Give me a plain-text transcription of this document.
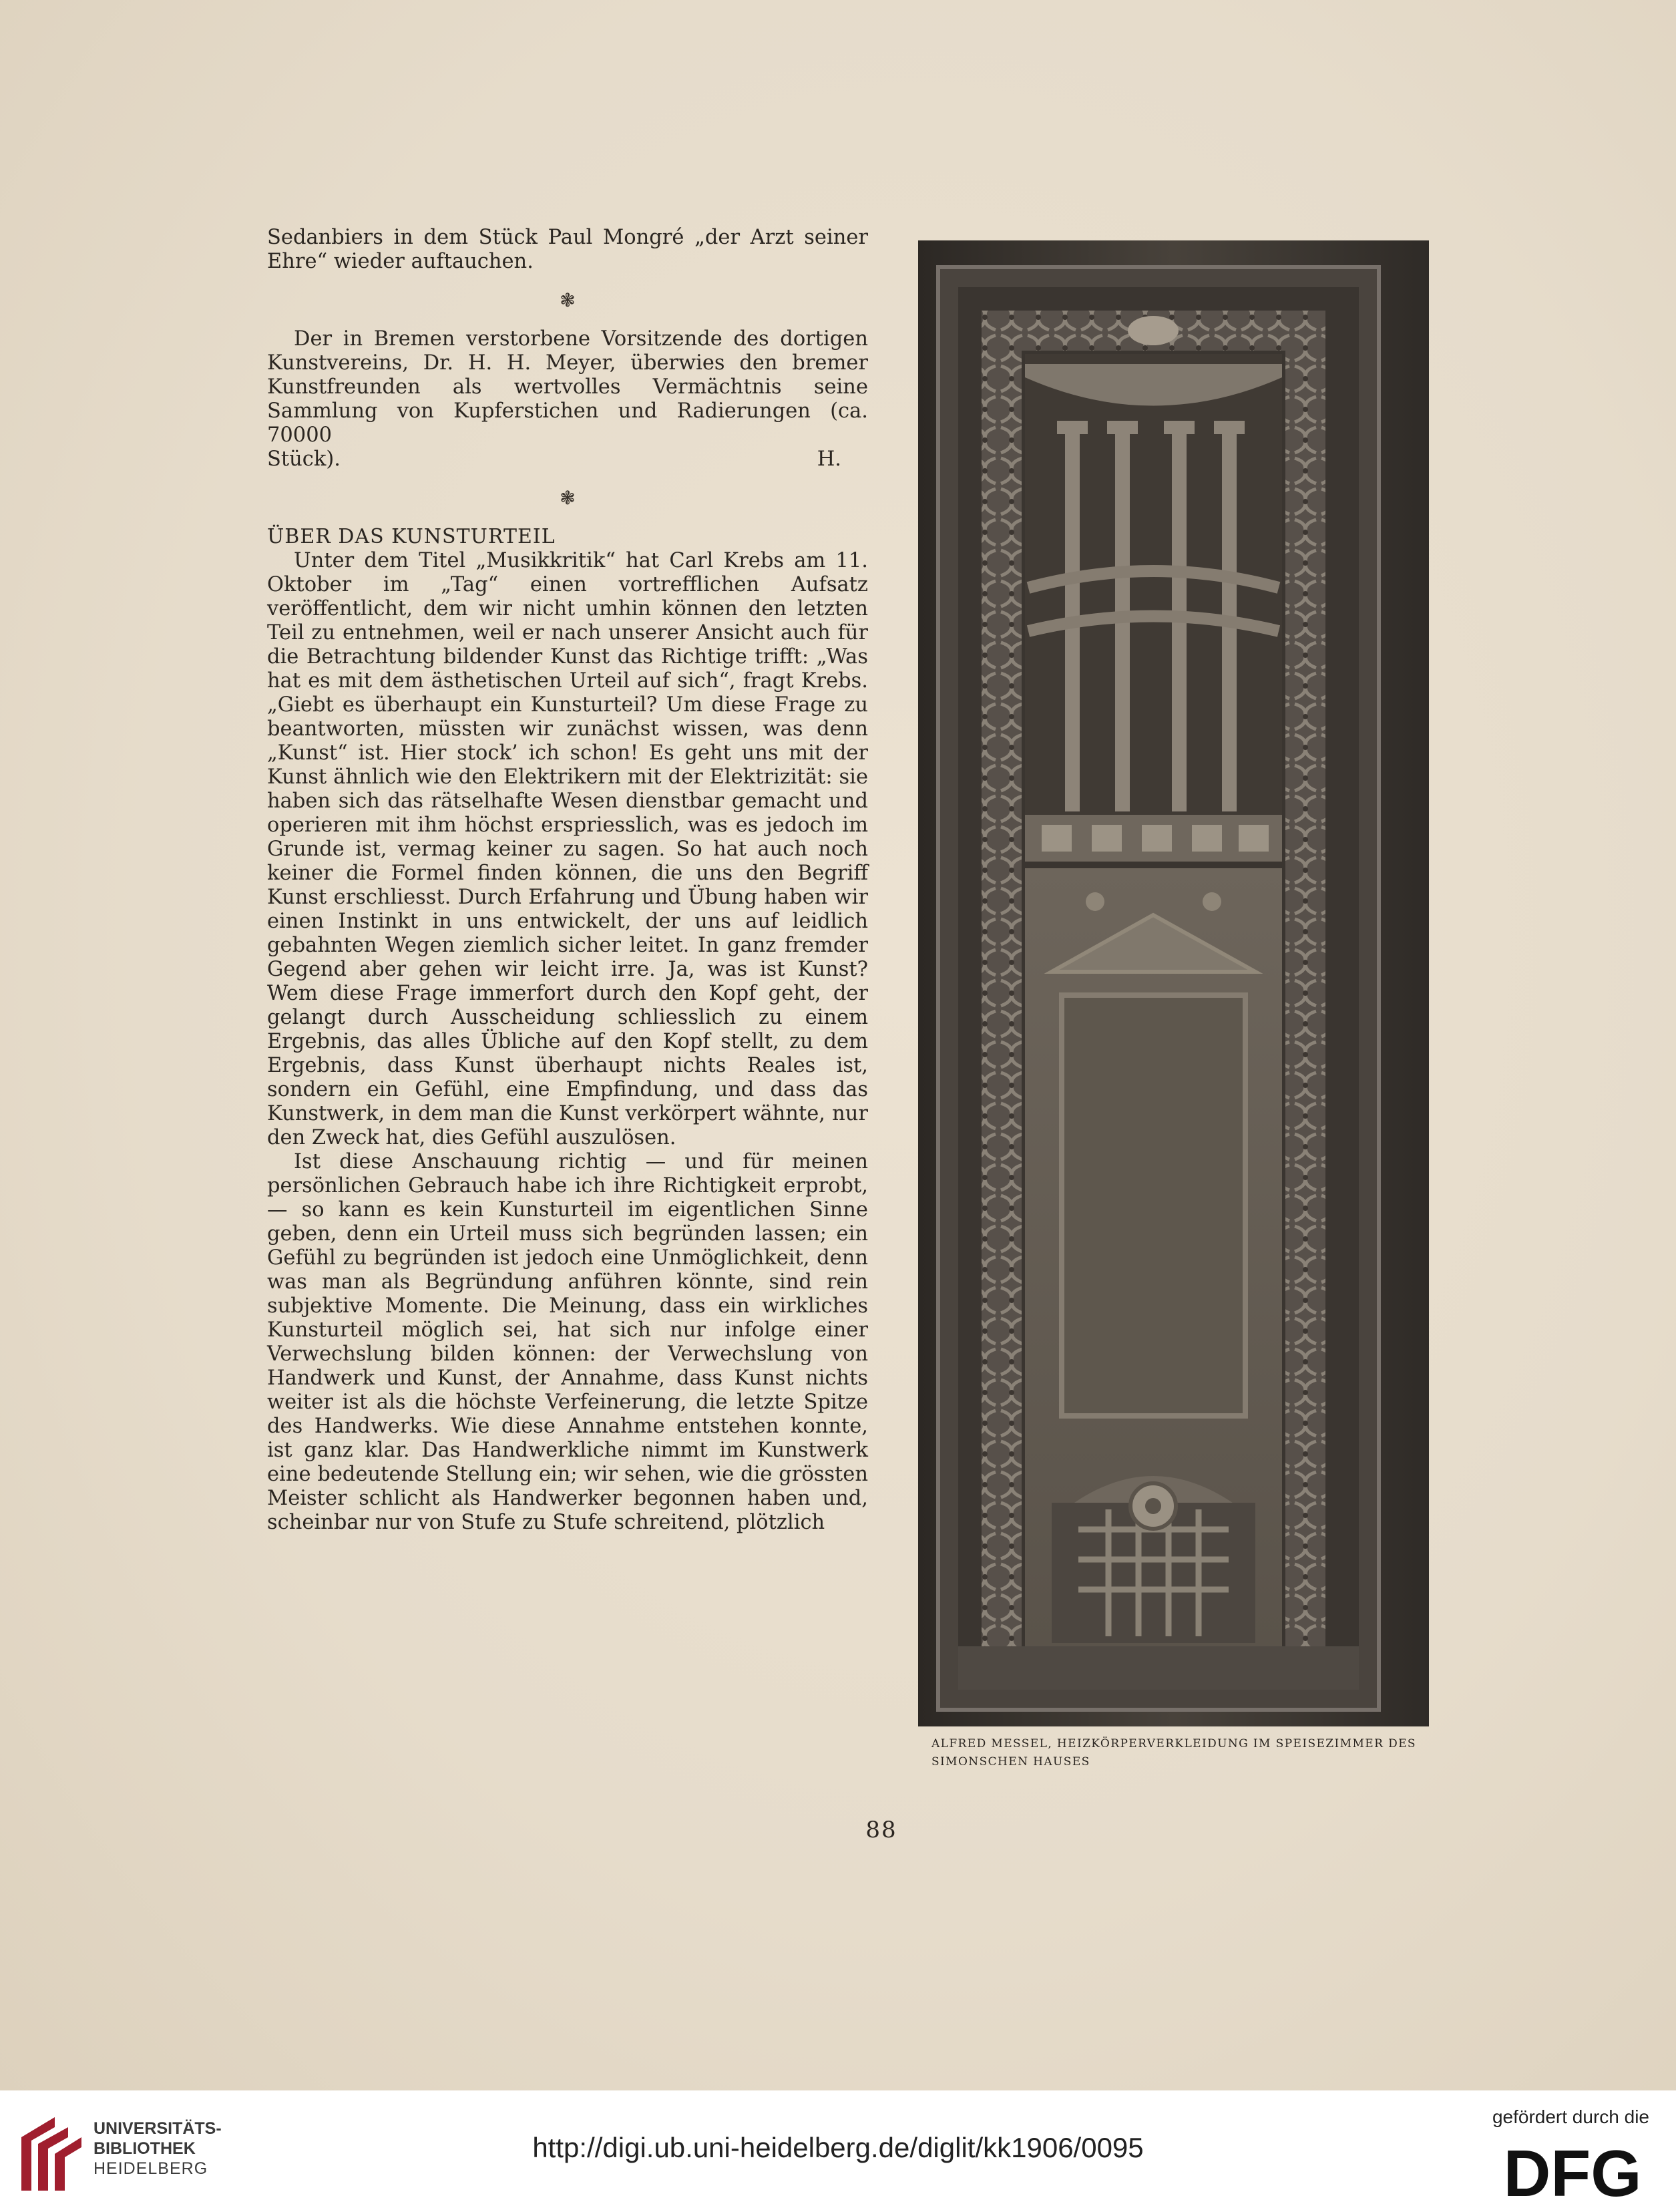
Sedanbiers in dem Stück Paul Mongré „der Arzt seiner Ehre“ wieder auftauchen.

❃

Der in Bremen verstorbene Vorsitzende des dortigen Kunstvereins, Dr. H. H. Meyer, überwies den bremer Kunstfreunden als wertvolles Vermächtnis seine Sammlung von Kupferstichen und Radierungen (ca. 70000

Stück).	H.
❃

ÜBER DAS KUNSTURTEIL

Unter dem Titel „Musikkritik“ hat Carl Krebs am 11. Oktober im „Tag“ einen vortrefflichen Aufsatz veröffentlicht, dem wir nicht umhin können den letzten Teil zu entnehmen, weil er nach unserer Ansicht auch für die Betrachtung bildender Kunst das Richtige trifft: „Was hat es mit dem ästhetischen Urteil auf sich“, fragt Krebs. „Giebt es überhaupt ein Kunsturteil? Um diese Frage zu beantworten, müssten wir zunächst wissen, was denn „Kunst“ ist. Hier stock’ ich schon! Es geht uns mit der Kunst ähnlich wie den Elektrikern mit der Elektrizität: sie haben sich das rätselhafte Wesen dienstbar gemacht und operieren mit ihm höchst erspriesslich, was es jedoch im Grunde ist, vermag keiner zu sagen. So hat auch noch keiner die Formel finden können, die uns den Begriff Kunst erschliesst. Durch Erfahrung und Übung haben wir einen Instinkt in uns entwickelt, der uns auf leidlich gebahnten Wegen ziemlich sicher leitet. In ganz fremder Gegend aber gehen wir leicht irre. Ja, was ist Kunst? Wem diese Frage immerfort durch den Kopf geht, der gelangt durch Ausscheidung schliesslich zu einem Ergebnis, das alles Übliche auf den Kopf stellt, zu dem Ergebnis, dass Kunst überhaupt nichts Reales ist, sondern ein Gefühl, eine Empfindung, und dass das Kunstwerk, in dem man die Kunst verkörpert wähnte, nur den Zweck hat, dies Gefühl auszulösen.

Ist diese Anschauung richtig — und für meinen persönlichen Gebrauch habe ich ihre Richtigkeit erprobt, — so kann es kein Kunsturteil im eigentlichen Sinne geben, denn ein Urteil muss sich begründen lassen; ein Gefühl zu begründen ist jedoch eine Unmöglichkeit, denn was man als Begründung anführen könnte, sind rein subjektive Momente. Die Meinung, dass ein wirkliches Kunsturteil möglich sei, hat sich nur infolge einer Verwechslung bilden können: der Verwechslung von Handwerk und Kunst, der Annahme, dass Kunst nichts weiter ist als die höchste Verfeinerung, die letzte Spitze des Handwerks. Wie diese Annahme entstehen konnte, ist ganz klar. Das Handwerkliche nimmt im Kunstwerk eine bedeutende Stellung ein; wir sehen, wie die grössten Meister schlicht als Handwerker begonnen haben und, scheinbar nur von Stufe zu Stufe schreitend, plötzlich

ALFRED MESSEL, HEIZKÖRPERVERKLEIDUNG IM SPEISEZIMMER DES SIMONSCHEN HAUSES
88
UNIVERSITÄTS-
BIBLIOTHEK
HEIDELBERG
http://digi.ub.uni-heidelberg.de/diglit/kk1906/0095
gefördert durch die
DFG
